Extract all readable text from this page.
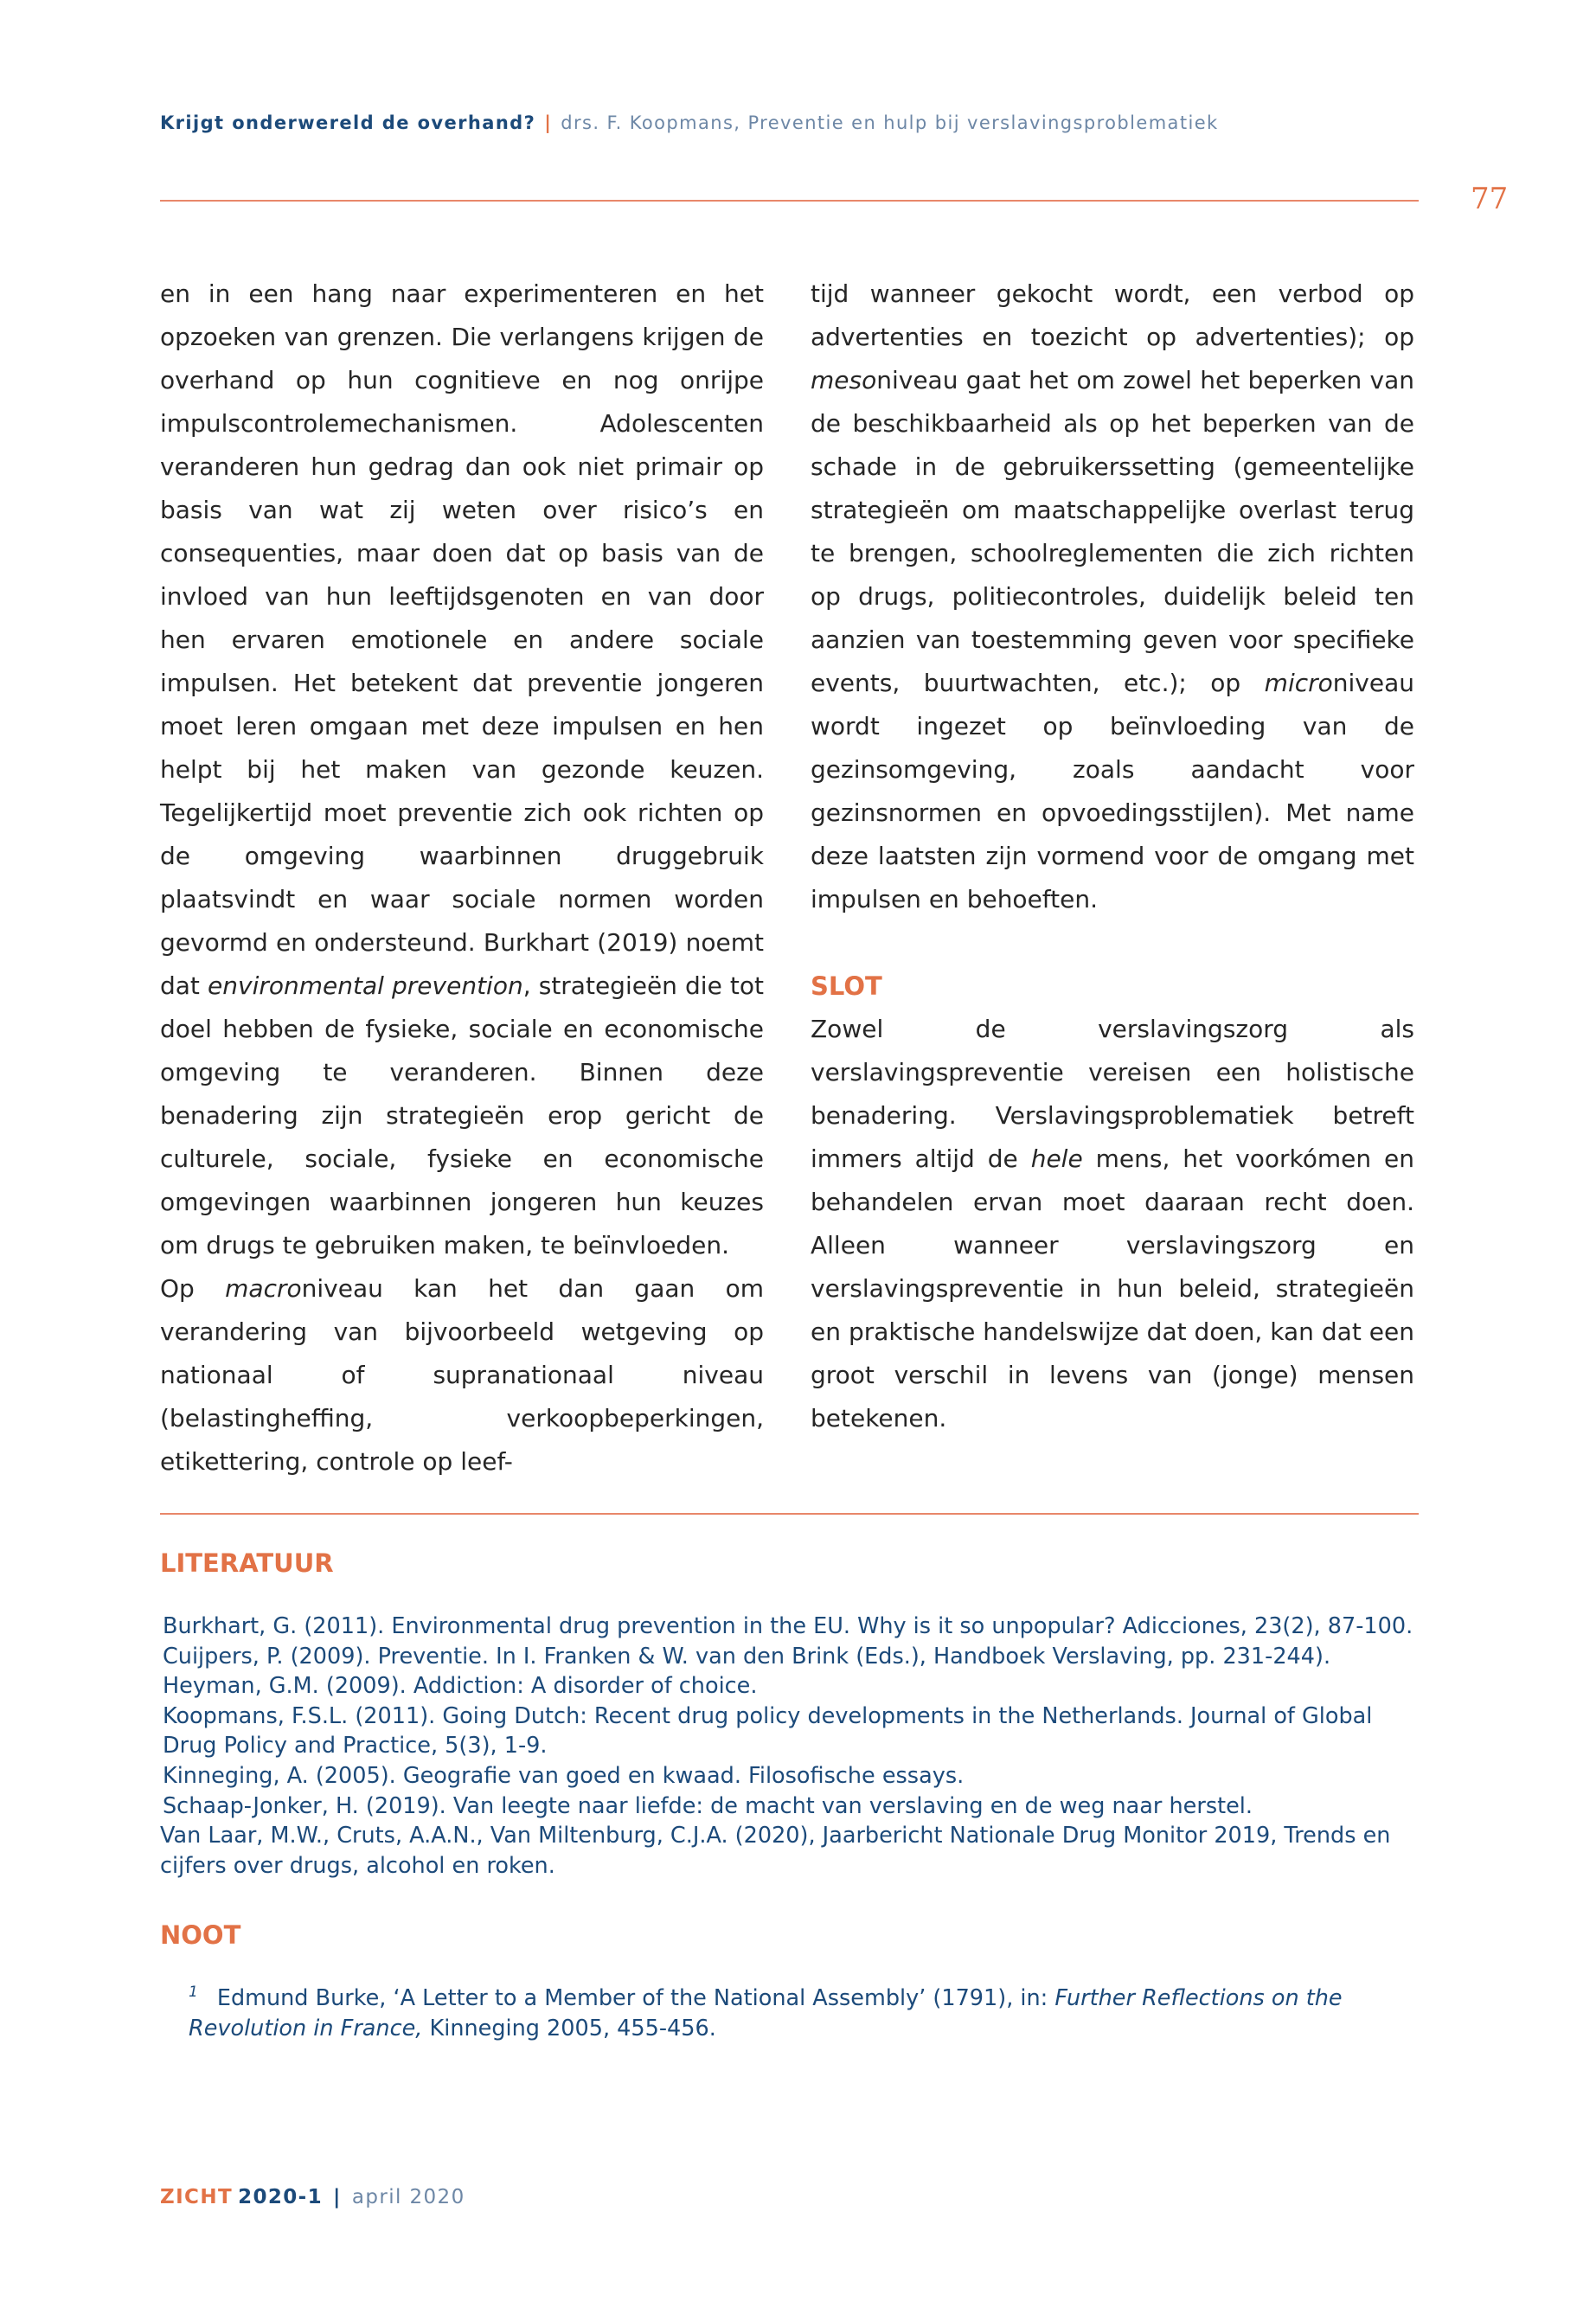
Krijgt onderwereld de overhand? | drs. F. Koopmans, Preventie en hulp bij verslavingsproblematiek
77

en in een hang naar experimenteren en het opzoeken van grenzen. Die verlangens krijgen de overhand op hun cognitieve en nog onrijpe impulscontrolemechanismen. Adolescenten veranderen hun gedrag dan ook niet primair op basis van wat zij weten over risico’s en consequenties, maar doen dat op basis van de invloed van hun leeftijdsgenoten en van door hen ervaren emotionele en andere sociale impulsen. Het betekent dat preventie jongeren moet leren omgaan met deze impulsen en hen helpt bij het maken van gezonde keuzen. Tegelijkertijd moet preventie zich ook richten op de omgeving waarbinnen druggebruik plaatsvindt en waar sociale normen worden gevormd en ondersteund. Burkhart (2019) noemt dat environmental prevention, strategieën die tot doel hebben de fysieke, sociale en economische omgeving te veranderen. Binnen deze benadering zijn strategieën erop gericht de culturele, sociale, fysieke en economische omgevingen waarbinnen jongeren hun keuzes om drugs te gebruiken maken, te beïnvloeden.

Op macroniveau kan het dan gaan om verandering van bijvoorbeeld wetgeving op nationaal of supranationaal niveau (belastingheffing, verkoopbeperkingen, etikettering, controle op leef-

tijd wanneer gekocht wordt, een verbod op advertenties en toezicht op advertenties); op mesoniveau gaat het om zowel het beperken van de beschikbaarheid als op het beperken van de schade in de gebruikerssetting (gemeentelijke strategieën om maatschappelijke overlast terug te brengen, schoolreglementen die zich richten op drugs, politiecontroles, duidelijk beleid ten aanzien van toestemming geven voor specifieke events, buurtwachten, etc.); op microniveau wordt ingezet op beïnvloeding van de gezinsomgeving, zoals aandacht voor gezinsnormen en opvoedingsstijlen). Met name deze laatsten zijn vormend voor de omgang met impulsen en behoeften.

SLOT

Zowel de verslavingszorg als verslavingspreventie vereisen een holistische benadering. Verslavingsproblematiek betreft immers altijd de hele mens, het voorkómen en behandelen ervan moet daaraan recht doen. Alleen wanneer verslavingszorg en verslavingspreventie in hun beleid, strategieën en praktische handelswijze dat doen, kan dat een groot verschil in levens van (jonge) mensen betekenen.

LITERATUUR
Burkhart, G. (2011). Environmental drug prevention in the EU. Why is it so unpopular? Adicciones, 23(2), 87-100.
Cuijpers, P. (2009). Preventie. In I. Franken & W. van den Brink (Eds.), Handboek Verslaving, pp. 231-244).
Heyman, G.M. (2009). Addiction: A disorder of choice.
Koopmans, F.S.L. (2011). Going Dutch: Recent drug policy developments in the Netherlands. Journal of Global Drug Policy and Practice, 5(3), 1-9.
Kinneging, A. (2005). Geografie van goed en kwaad. Filosofische essays.
Schaap-Jonker, H. (2019). Van leegte naar liefde: de macht van verslaving en de weg naar herstel.
Van Laar, M.W., Cruts, A.A.N., Van Miltenburg, C.J.A. (2020), Jaarbericht Nationale Drug Monitor 2019, Trends en cijfers over drugs, alcohol en roken.
NOOT
$^1$ Edmund Burke, ‘A Letter to a Member of the National Assembly’ (1791), in: Further Reflections on the Revolution in France, Kinneging 2005, 455-456.
ZICHT 2020-1 | april 2020
